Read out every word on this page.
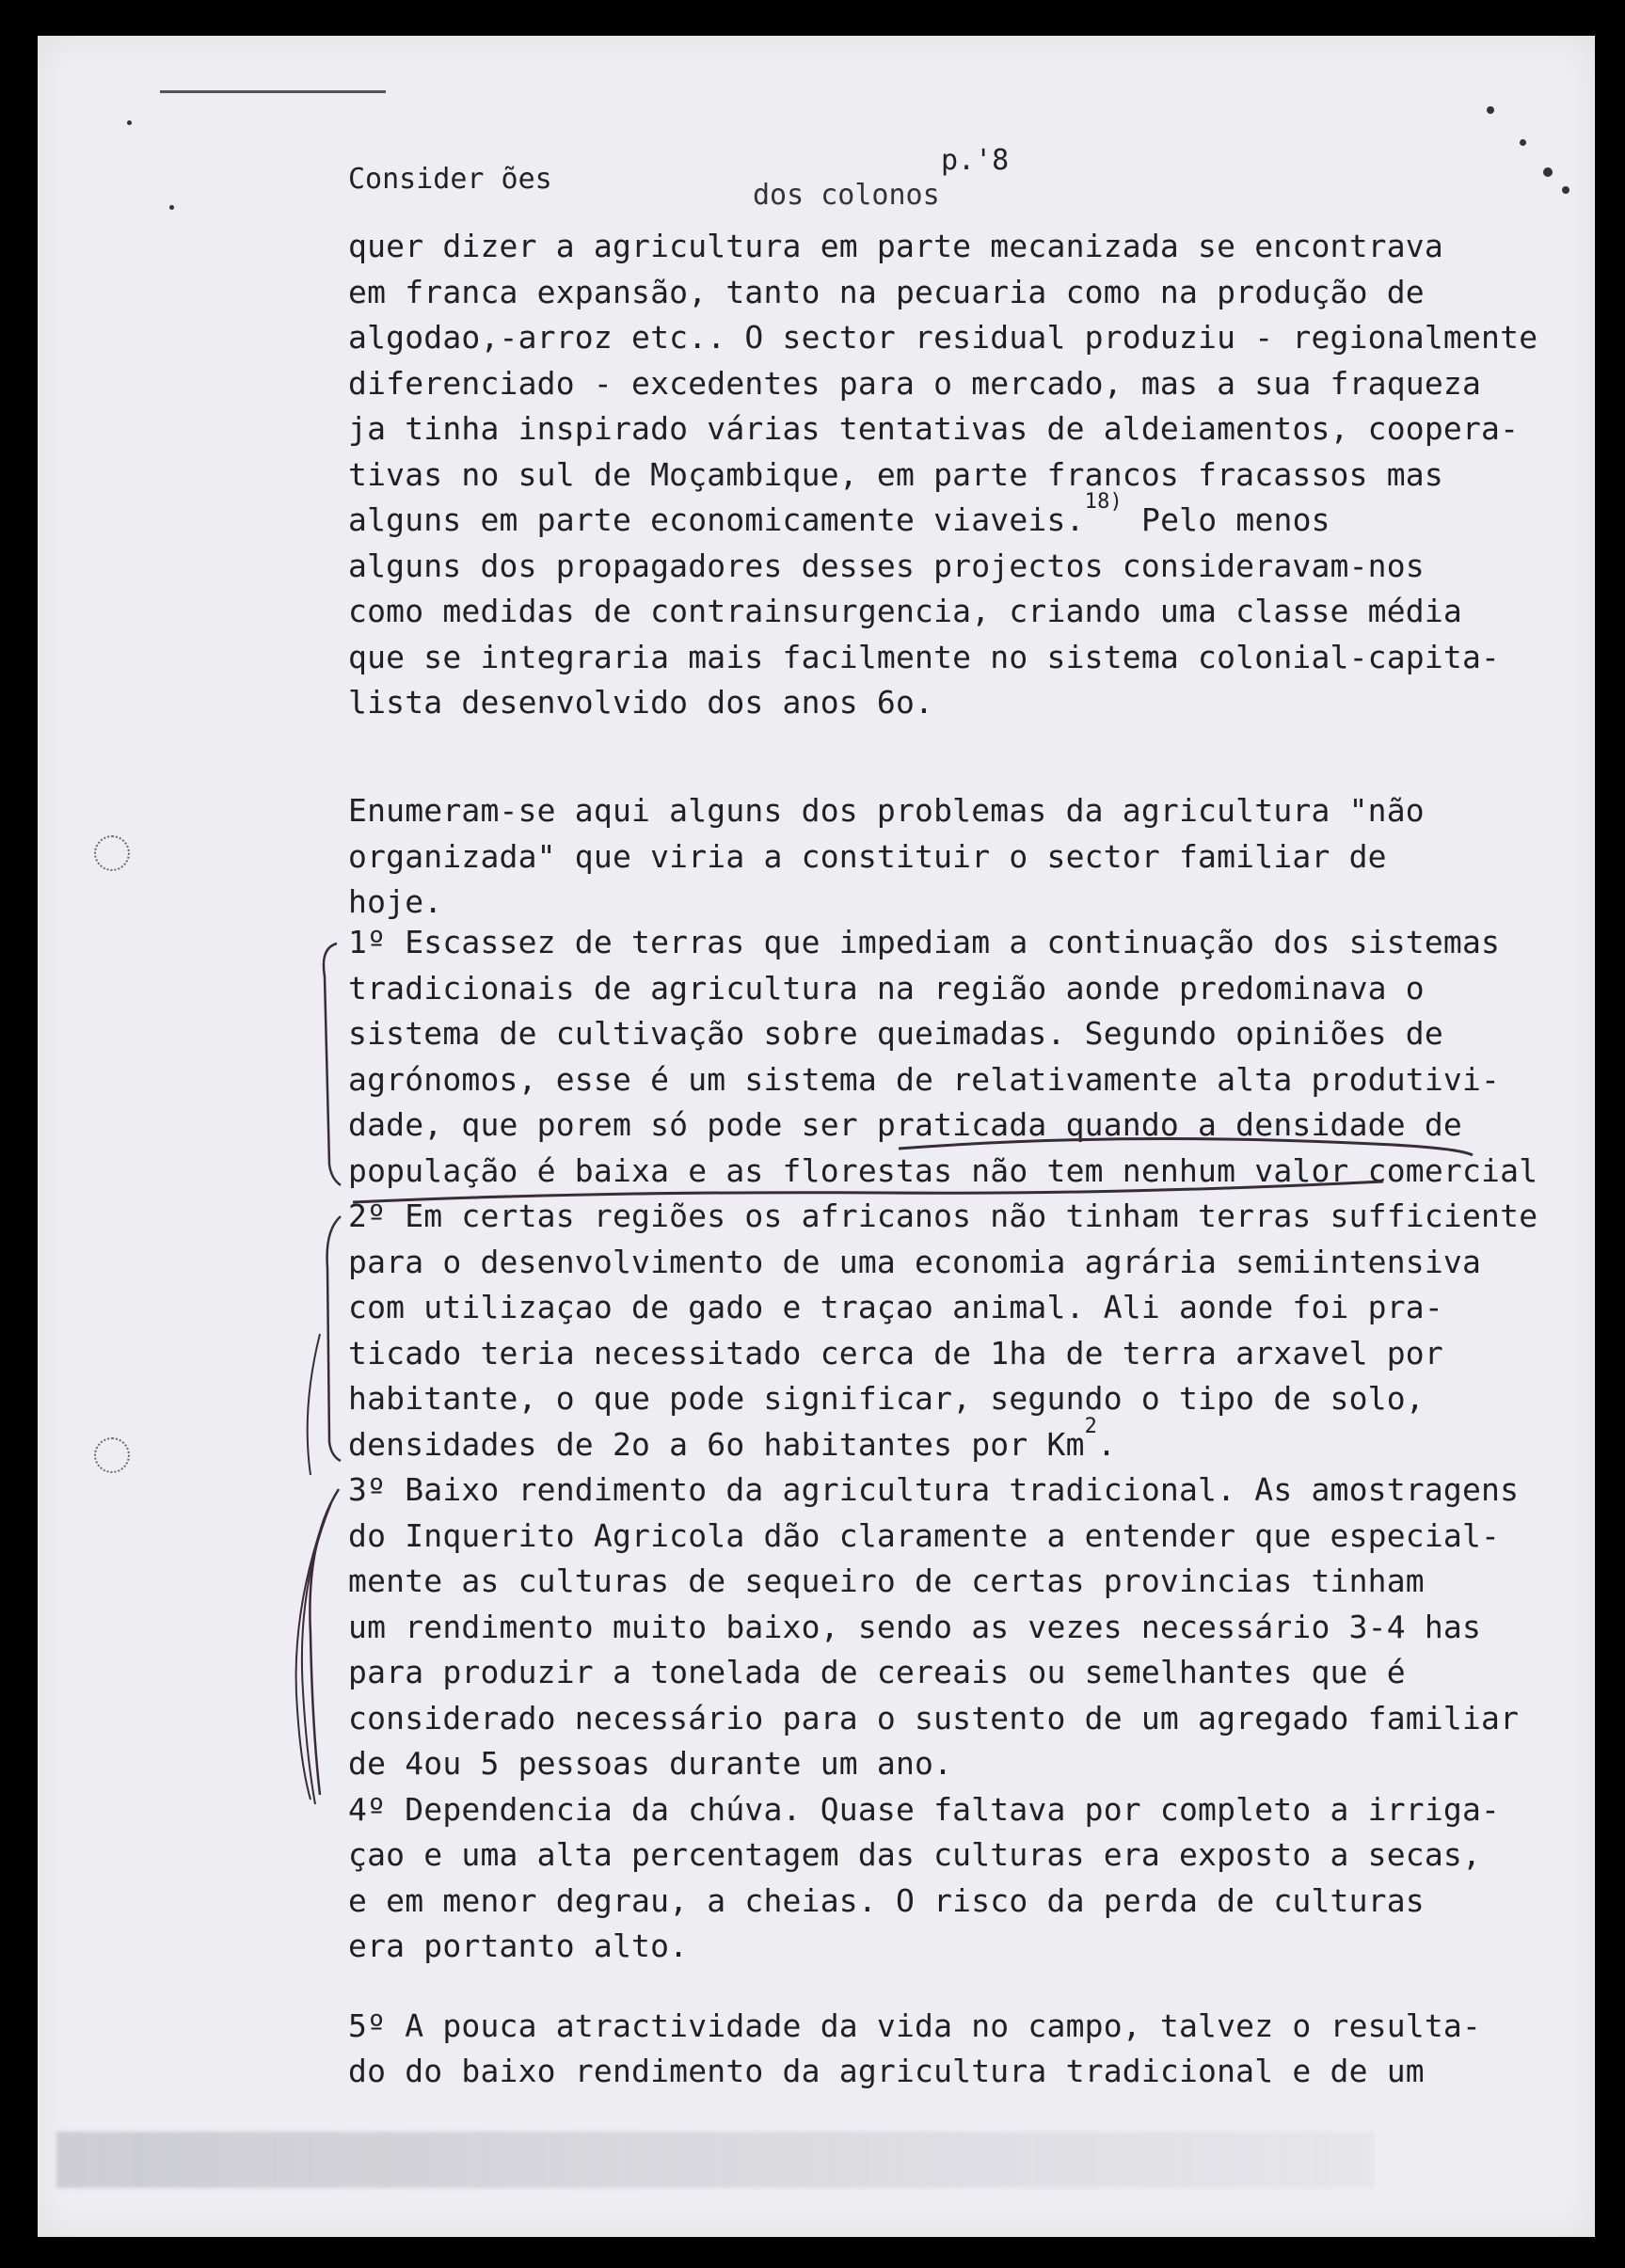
Consider ões
p.'8
dos colonos
quer dizer a agricultura em parte mecanizada se encontrava
em franca expansão, tanto na pecuaria como na produção de
algodao,-arroz etc.. O sector residual produziu - regionalmente
diferenciado - excedentes para o mercado, mas a sua fraqueza
ja tinha inspirado várias tentativas de aldeiamentos, coopera-
tivas no sul de Moçambique, em parte francos fracassos mas
alguns em parte economicamente viaveis.$^{18)}$ Pelo menos
alguns dos propagadores desses projectos consideravam-nos
como medidas de contrainsurgencia, criando uma classe média
que se integraria mais facilmente no sistema colonial-capita-
lista desenvolvido dos anos 6o.
Enumeram-se aqui alguns dos problemas da agricultura "não
organizada" que viria a constituir o sector familiar de
hoje.
1º Escassez de terras que impediam a continuação dos sistemas
tradicionais de agricultura na região aonde predominava o
sistema de cultivação sobre queimadas. Segundo opiniões de
agrónomos, esse é um sistema de relativamente alta produtivi-
dade, que porem só pode ser praticada quando a densidade de
população é baixa e as florestas não tem nenhum valor comercial
2º Em certas regiões os africanos não tinham terras sufficiente
para o desenvolvimento de uma economia agrária semiintensiva
com utilizaçao de gado e traçao animal. Ali aonde foi pra-
ticado teria necessitado cerca de 1ha de terra arxavel por
habitante, o que pode significar, segundo o tipo de solo,
densidades de 2o a 6o habitantes por Km$^2$.
3º Baixo rendimento da agricultura tradicional. As amostragens
do Inquerito Agricola dão claramente a entender que especial-
mente as culturas de sequeiro de certas provincias tinham
um rendimento muito baixo, sendo as vezes necessário 3-4 has
para produzir a tonelada de cereais ou semelhantes que é
considerado necessário para o sustento de um agregado familiar
de 4ou 5 pessoas durante um ano.
4º Dependencia da chúva. Quase faltava por completo a irriga-
çao e uma alta percentagem das culturas era exposto a secas,
e em menor degrau, a cheias. O risco da perda de culturas
era portanto alto.
5º A pouca atractividade da vida no campo, talvez o resulta-
do do baixo rendimento da agricultura tradicional e de um
